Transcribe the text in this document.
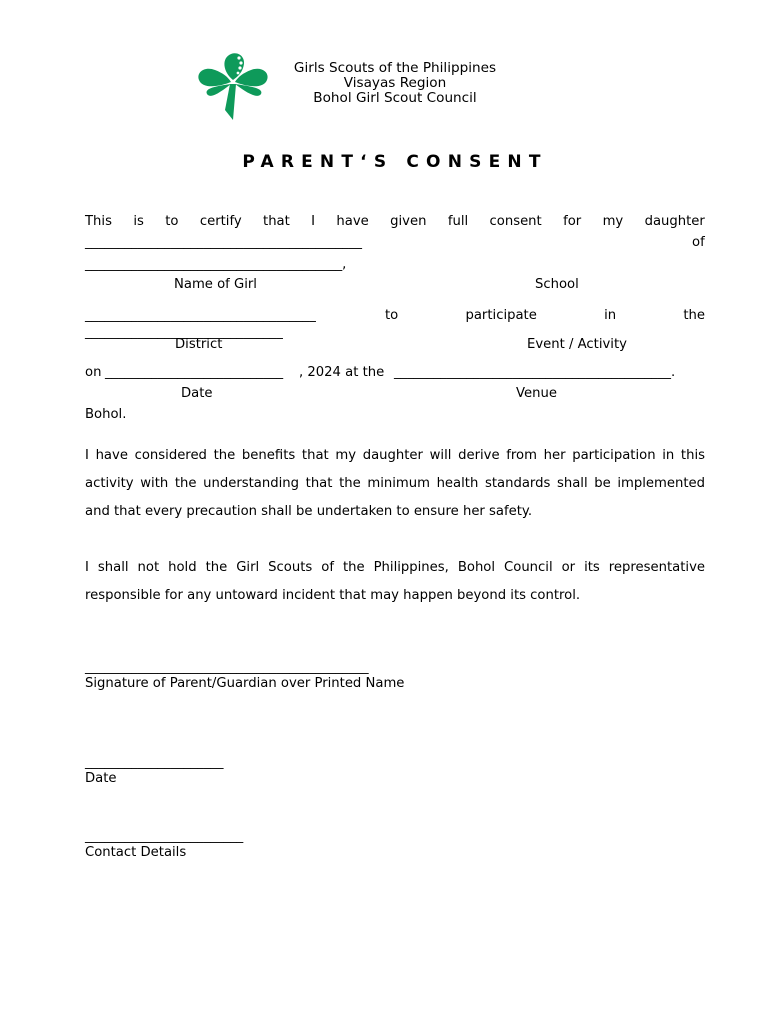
Girls Scouts of the Philippines
Visayas Region
Bohol Girl Scout Council
PARENT‘S CONSENT
This is to certify that I have given full consent for my daughter
__________________________________________	of
_______________________________________,
Name of Girl	School
___________________________________	to	participate	in	the
______________________________
District	Event / Activity
on ___________________________ , 2024 at the __________________________________________.
Date	Venue
Bohol.
I have considered the benefits that my daughter will derive from her participation in this activity with the understanding that the minimum health standards shall be implemented and that every precaution shall be undertaken to ensure her safety.
I shall not hold the Girl Scouts of the Philippines, Bohol Council or its representative responsible for any untoward incident that may happen beyond its control.
___________________________________________
Signature of Parent/Guardian over Printed Name
_____________________
Date
________________________
Contact Details
